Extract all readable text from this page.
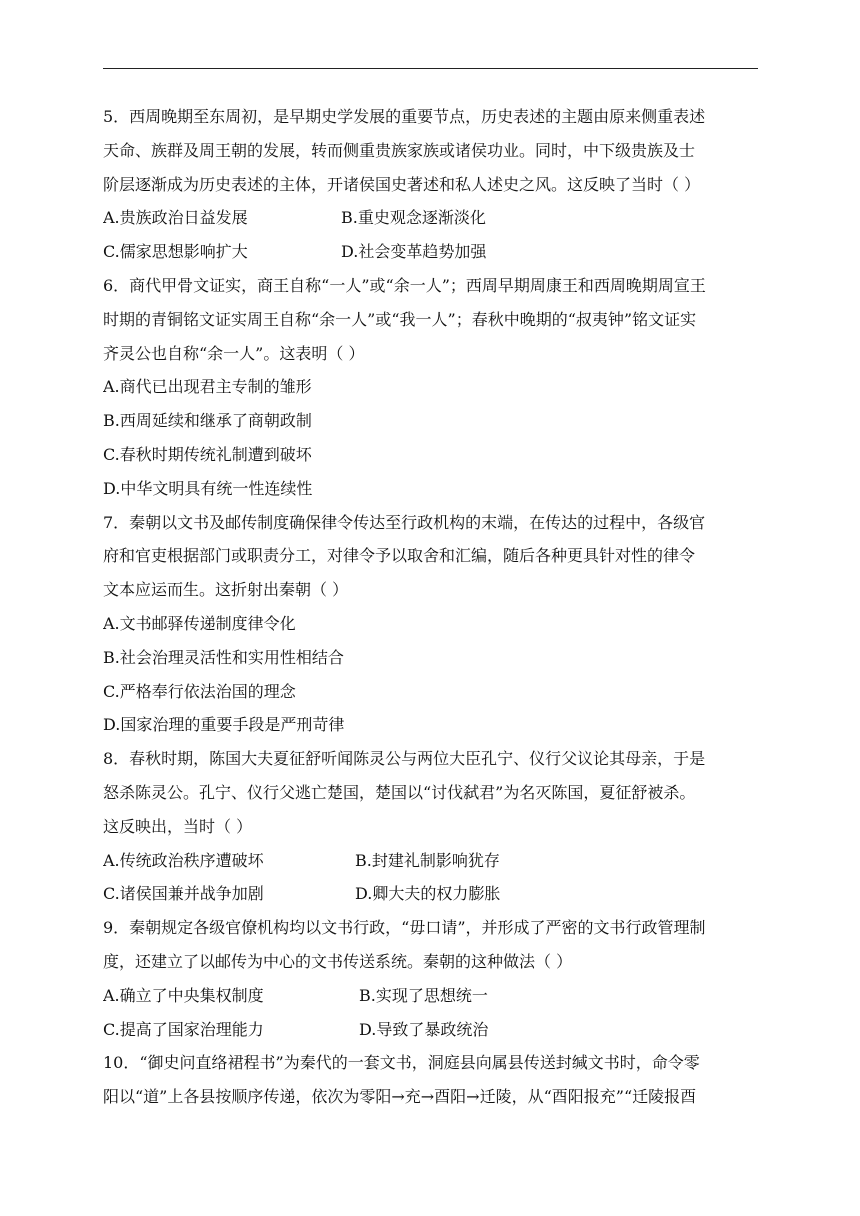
5．西周晚期至东周初，是早期史学发展的重要节点，历史表述的主题由原来侧重表述
天命、族群及周王朝的发展，转而侧重贵族家族或诸侯功业。同时，中下级贵族及士
阶层逐渐成为历史表述的主体，开诸侯国史著述和私人述史之风。这反映了当时（ ）
A.贵族政治日益发展	B.重史观念逐渐淡化
C.儒家思想影响扩大	D.社会变革趋势加强
6．商代甲骨文证实，商王自称“一人”或“余一人”；西周早期周康王和西周晚期周宣王
时期的青铜铭文证实周王自称“余一人”或“我一人”；春秋中晚期的“叔夷钟”铭文证实
齐灵公也自称“余一人”。这表明（ ）
A.商代已出现君主专制的雏形
B.西周延续和继承了商朝政制
C.春秋时期传统礼制遭到破坏
D.中华文明具有统一性连续性
7．秦朝以文书及邮传制度确保律令传达至行政机构的末端，在传达的过程中，各级官
府和官吏根据部门或职责分工，对律令予以取舍和汇编，随后各种更具针对性的律令
文本应运而生。这折射出秦朝（ ）
A.文书邮驿传递制度律令化
B.社会治理灵活性和实用性相结合
C.严格奉行依法治国的理念
D.国家治理的重要手段是严刑苛律
8．春秋时期，陈国大夫夏征舒听闻陈灵公与两位大臣孔宁、仪行父议论其母亲，于是
怒杀陈灵公。孔宁、仪行父逃亡楚国，楚国以“讨伐弑君”为名灭陈国，夏征舒被杀。
这反映出，当时（ ）
A.传统政治秩序遭破坏	B.封建礼制影响犹存
C.诸侯国兼并战争加剧	D.卿大夫的权力膨胀
9．秦朝规定各级官僚机构均以文书行政，“毋口请”，并形成了严密的文书行政管理制
度，还建立了以邮传为中心的文书传送系统。秦朝的这种做法（ ）
A.确立了中央集权制度	B.实现了思想统一
C.提高了国家治理能力	D.导致了暴政统治
10．“御史问直络裙程书”为秦代的一套文书，洞庭县向属县传送封缄文书时，命令零
阳以“道”上各县按顺序传递，依次为零阳→充→酉阳→迁陵，从“酉阳报充”“迁陵报酉
